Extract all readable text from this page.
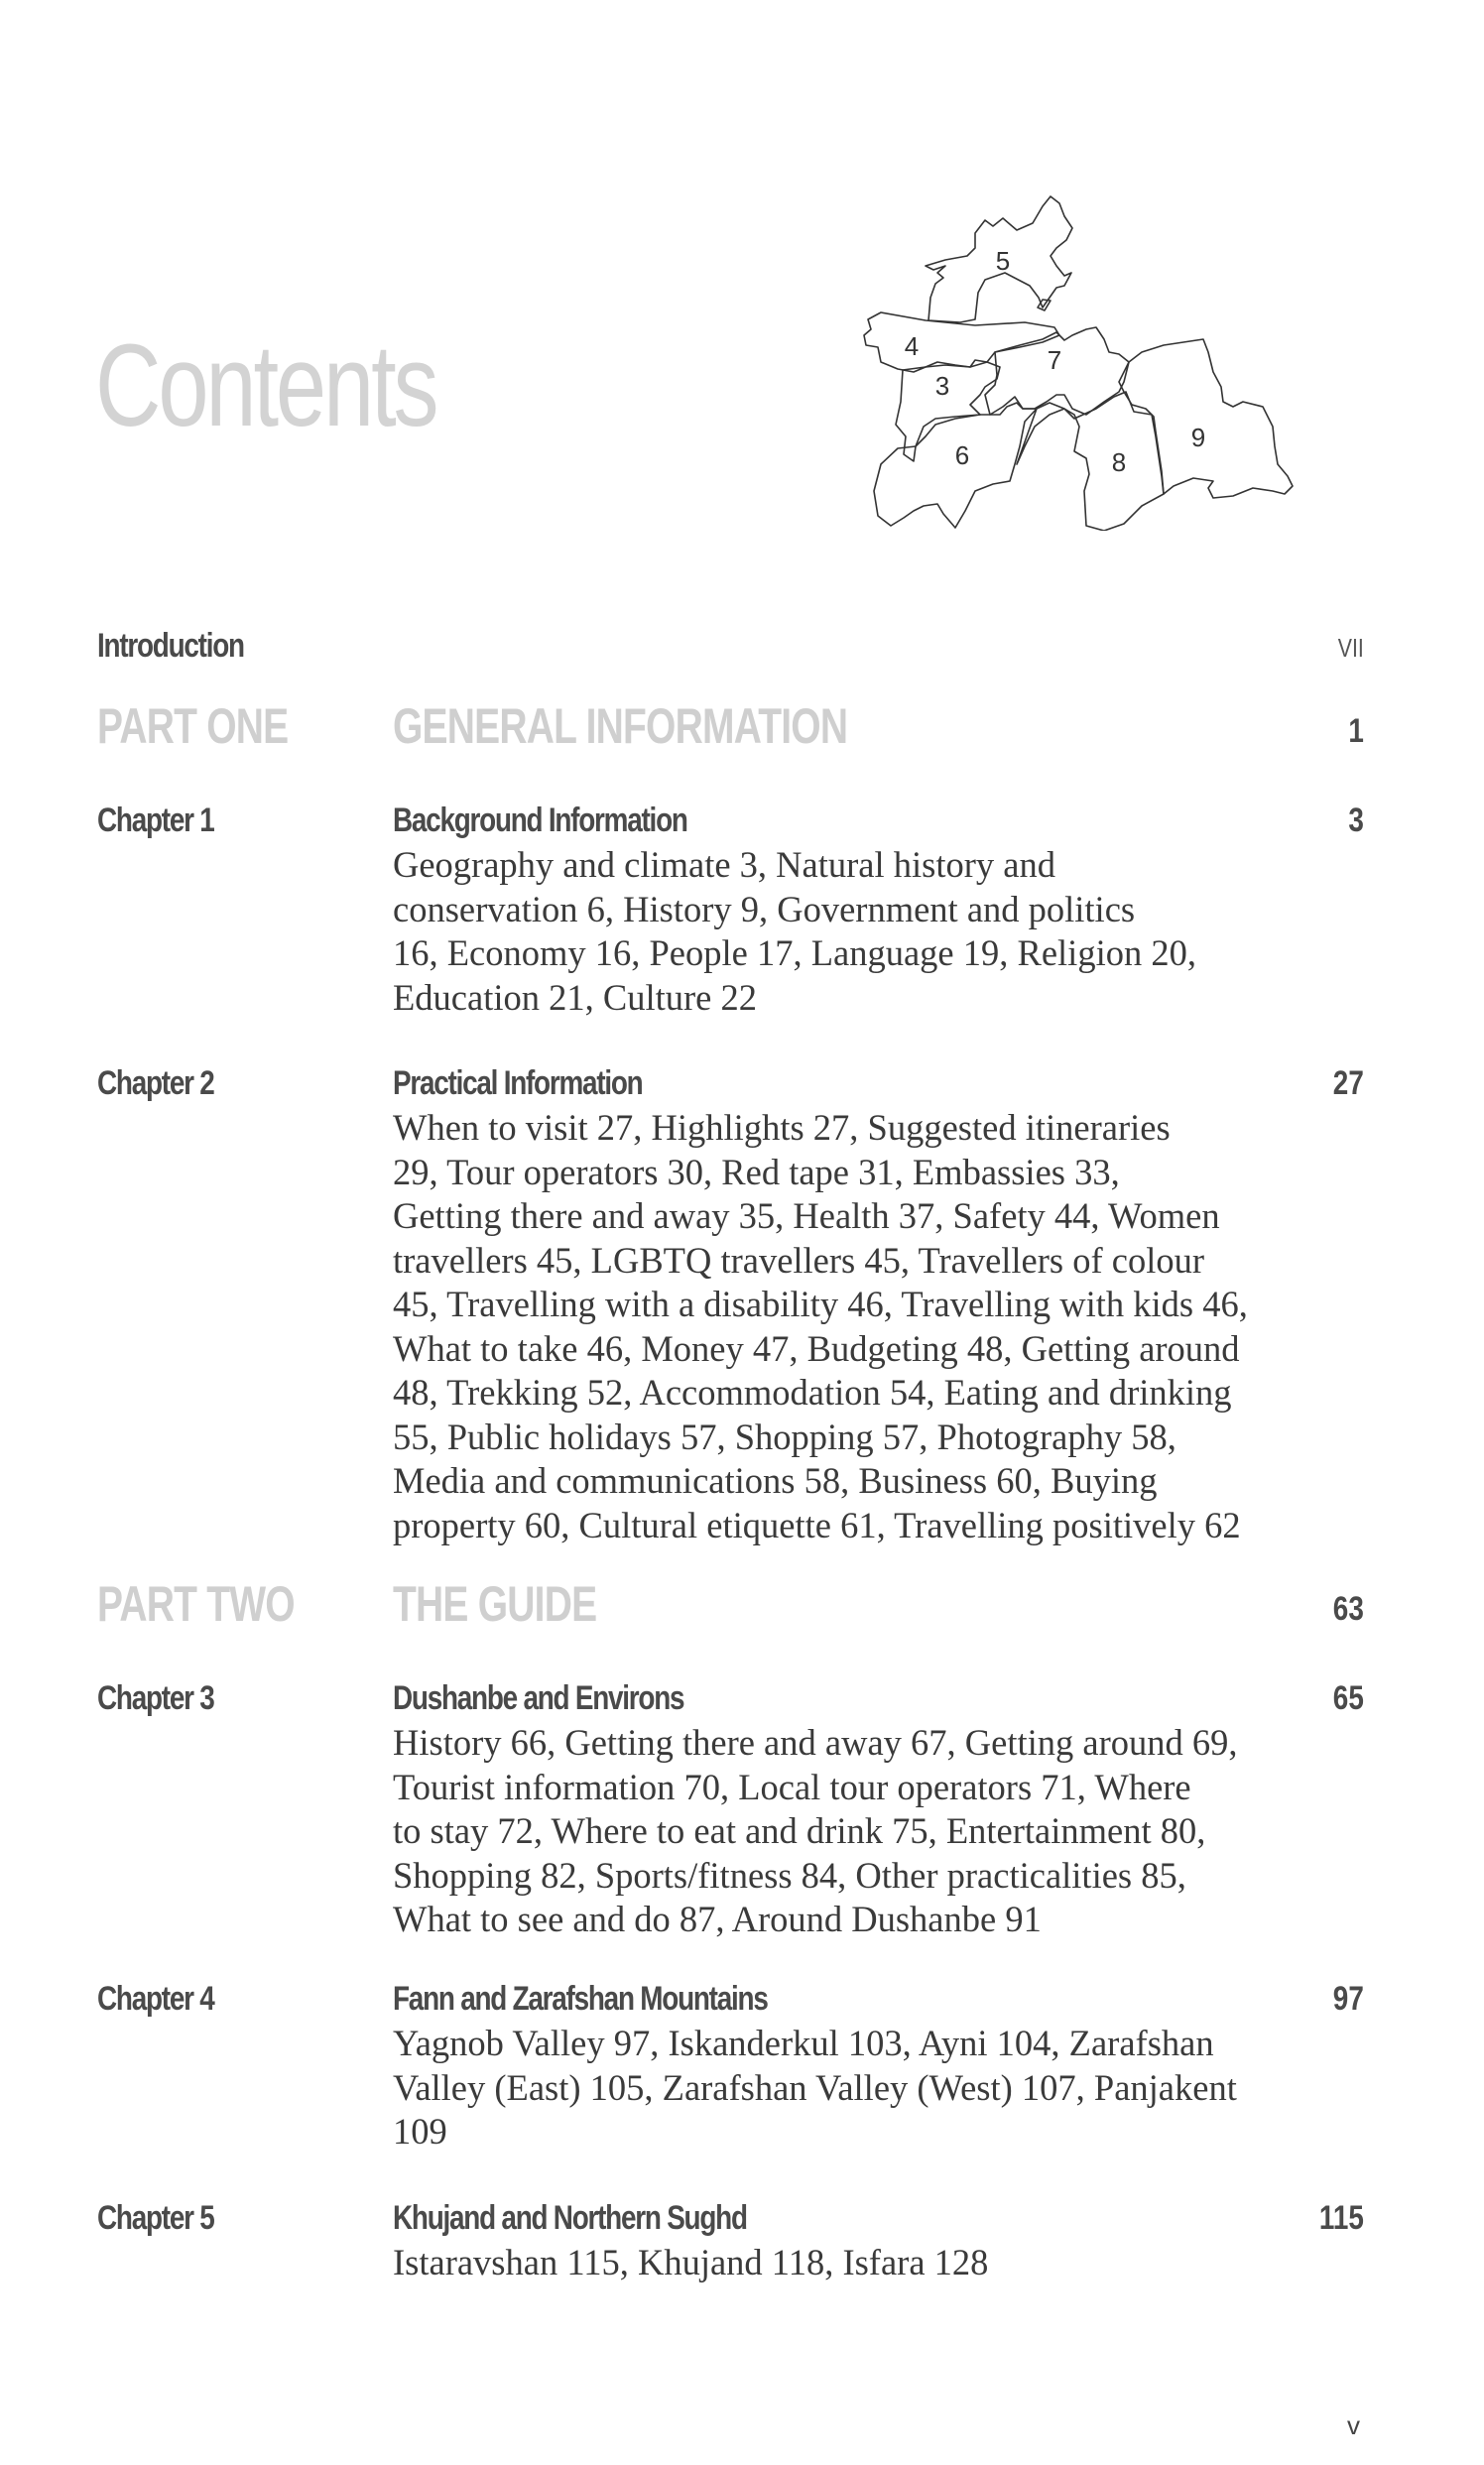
Contents
5
4
3
7
6	8
9
Introduction	VII
PART ONE GENERAL INFORMATION	1
Chapter 1	Background Information	3
Geography and climate 3, Natural history and
conservation 6, History 9, Government and politics
16, Economy 16, People 17, Language 19, Religion 20,
Education 21, Culture 22
Chapter 2	Practical Information	27
When to visit 27, Highlights 27, Suggested itineraries
29, Tour operators 30, Red tape 31, Embassies 33,
Getting there and away 35, Health 37, Safety 44, Women
travellers 45, LGBTQ travellers 45, Travellers of colour
45, Travelling with a disability 46, Travelling with kids 46,
What to take 46, Money 47, Budgeting 48, Getting around
48, Trekking 52, Accommodation 54, Eating and drinking
55, Public holidays 57, Shopping 57, Photography 58,
Media and communications 58, Business 60, Buying
property 60, Cultural etiquette 61, Travelling positively 62
PART TWO THE GUIDE	63
Chapter 3	Dushanbe and Environs	65
History 66, Getting there and away 67, Getting around 69,
Tourist information 70, Local tour operators 71, Where
to stay 72, Where to eat and drink 75, Entertainment 80,
Shopping 82, Sports/fitness 84, Other practicalities 85,
What to see and do 87, Around Dushanbe 91
Chapter 4	Fann and Zarafshan Mountains	97
Yagnob Valley 97, Iskanderkul 103, Ayni 104, Zarafshan
Valley (East) 105, Zarafshan Valley (West) 107, Panjakent
109
Chapter 5	Khujand and Northern Sughd	115
Istaravshan 115, Khujand 118, Isfara 128
v
